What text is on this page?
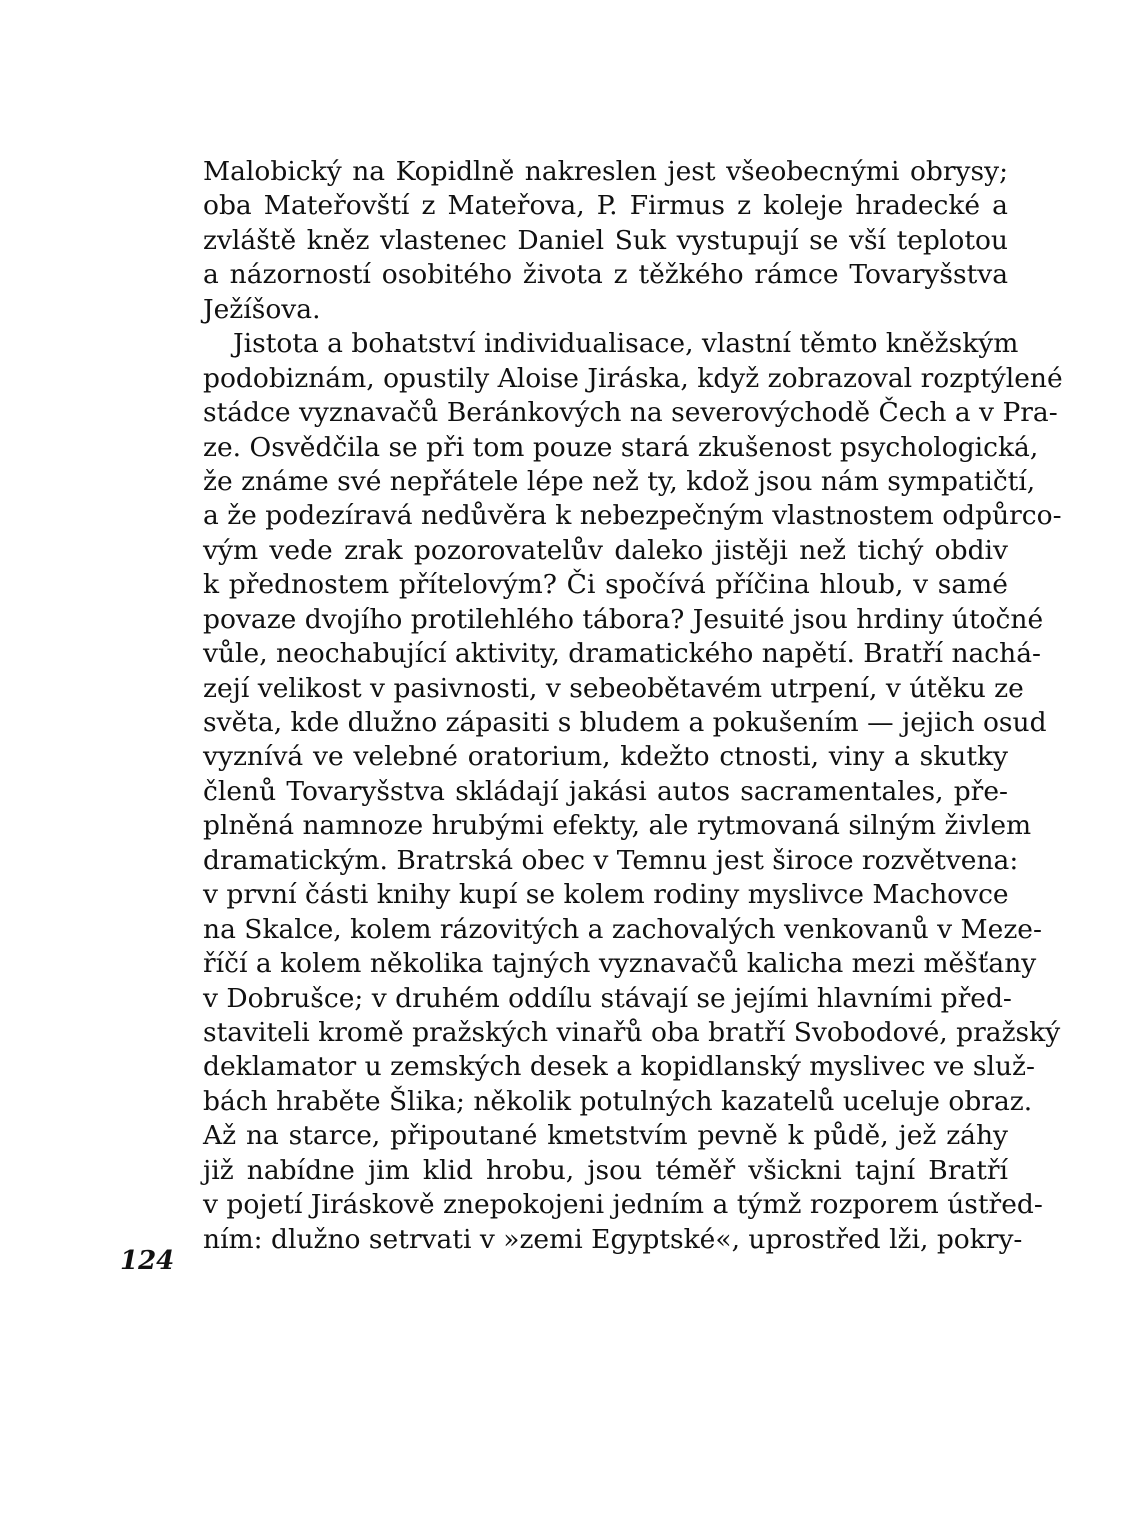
Malobický na Kopidlně nakreslen jest všeobecnými obrysy;
oba Mateřovští z Mateřova, P. Firmus z koleje hradecké a
zvláště kněz vlastenec Daniel Suk vystupují se vší teplotou
a názorností osobitého života z těžkého rámce Tovaryšstva
Ježíšova.
Jistota a bohatství individualisace, vlastní těmto kněžským
podobiznám, opustily Aloise Jiráska, když zobrazoval rozptýlené
stádce vyznavačů Beránkových na severovýchodě Čech a v Pra-
ze. Osvědčila se při tom pouze stará zkušenost psychologická,
že známe své nepřátele lépe než ty, kdož jsou nám sympatičtí,
a že podezíravá nedůvěra k nebezpečným vlastnostem odpůrco-
vým vede zrak pozorovatelův daleko jistěji než tichý obdiv
k přednostem přítelovým? Či spočívá příčina hloub, v samé
povaze dvojího protilehlého tábora? Jesuité jsou hrdiny útočné
vůle, neochabující aktivity, dramatického napětí. Bratří nachá-
zejí velikost v pasivnosti, v sebeobětavém utrpení, v útěku ze
světa, kde dlužno zápasiti s bludem a pokušením — jejich osud
vyznívá ve velebné oratorium, kdežto ctnosti, viny a skutky
členů Tovaryšstva skládají jakási autos sacramentales, pře-
plněná namnoze hrubými efekty, ale rytmovaná silným živlem
dramatickým. Bratrská obec v Temnu jest široce rozvětvena:
v první části knihy kupí se kolem rodiny myslivce Machovce
na Skalce, kolem rázovitých a zachovalých venkovanů v Meze-
říčí a kolem několika tajných vyznavačů kalicha mezi měšťany
v Dobrušce; v druhém oddílu stávají se jejími hlavními před-
staviteli kromě pražských vinařů oba bratří Svobodové, pražský
deklamator u zemských desek a kopidlanský myslivec ve služ-
bách hraběte Šlika; několik potulných kazatelů uceluje obraz.
Až na starce, připoutané kmetstvím pevně k půdě, jež záhy
již nabídne jim klid hrobu, jsou téměř všickni tajní Bratří
v pojetí Jiráskově znepokojeni jedním a týmž rozporem ústřed-
ním: dlužno setrvati v »zemi Egyptské«, uprostřed lži, pokry-
124
